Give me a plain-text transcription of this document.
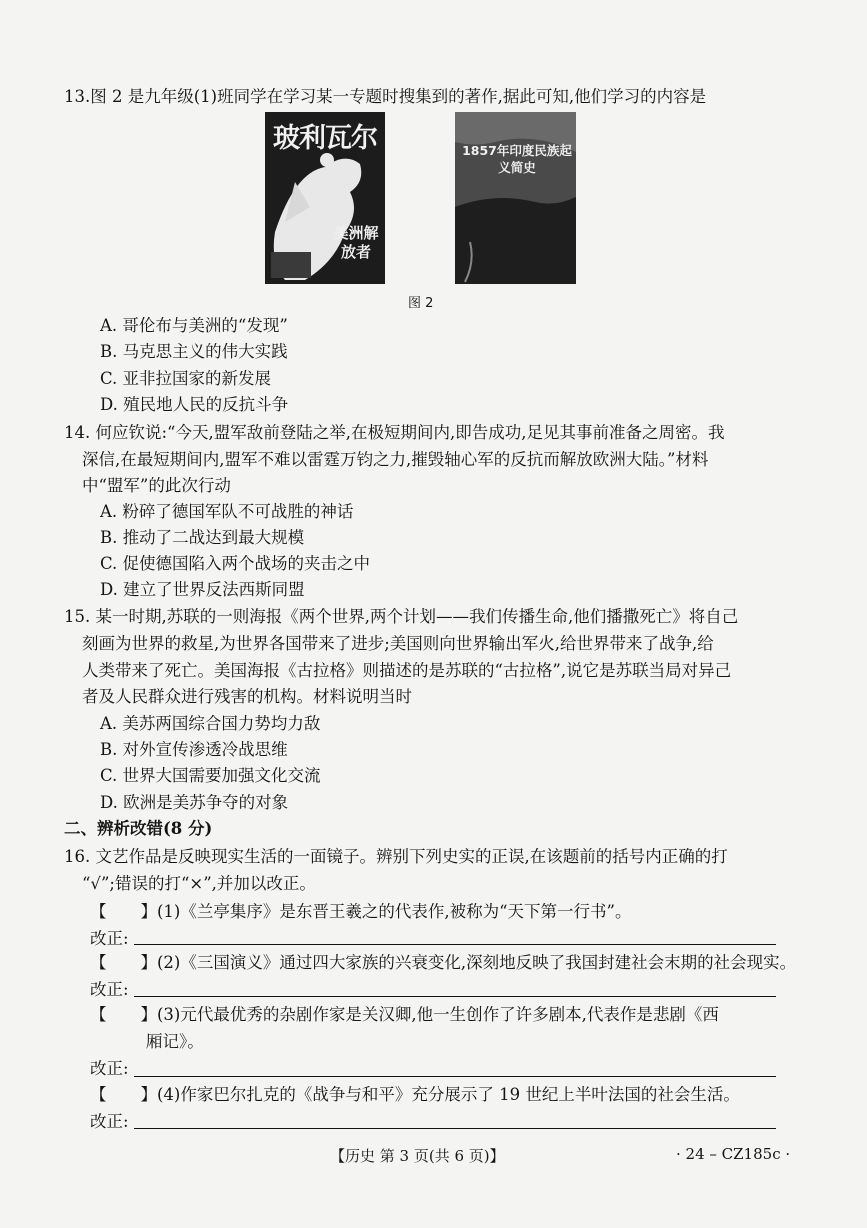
13.图 2 是九年级(1)班同学在学习某一专题时搜集到的著作,据此可知,他们学习的内容是
玻利瓦尔
美洲解放者
1857年印度民族起义简史
图 2
A. 哥伦布与美洲的“发现”
B. 马克思主义的伟大实践
C. 亚非拉国家的新发展
D. 殖民地人民的反抗斗争
14. 何应钦说:“今天,盟军敌前登陆之举,在极短期间内,即告成功,足见其事前准备之周密。我
深信,在最短期间内,盟军不难以雷霆万钧之力,摧毁轴心军的反抗而解放欧洲大陆。”材料
中“盟军”的此次行动
A. 粉碎了德国军队不可战胜的神话
B. 推动了二战达到最大规模
C. 促使德国陷入两个战场的夹击之中
D. 建立了世界反法西斯同盟
15. 某一时期,苏联的一则海报《两个世界,两个计划——我们传播生命,他们播撒死亡》将自己
刻画为世界的救星,为世界各国带来了进步;美国则向世界输出军火,给世界带来了战争,给
人类带来了死亡。美国海报《古拉格》则描述的是苏联的“古拉格”,说它是苏联当局对异己
者及人民群众进行残害的机构。材料说明当时
A. 美苏两国综合国力势均力敌
B. 对外宣传渗透冷战思维
C. 世界大国需要加强文化交流
D. 欧洲是美苏争夺的对象
二、辨析改错(8 分)
16. 文艺作品是反映现实生活的一面镜子。辨别下列史实的正误,在该题前的括号内正确的打
“√”;错误的打“×”,并加以改正。
【 】(1)《兰亭集序》是东晋王羲之的代表作,被称为“天下第一行书”。
改正:
【 】(2)《三国演义》通过四大家族的兴衰变化,深刻地反映了我国封建社会末期的社会现实。
改正:
【 】(3)元代最优秀的杂剧作家是关汉卿,他一生创作了许多剧本,代表作是悲剧《西
厢记》。
改正:
【 】(4)作家巴尔扎克的《战争与和平》充分展示了 19 世纪上半叶法国的社会生活。
改正:
【历史 第 3 页(共 6 页)】	· 24 – CZ185c ·
